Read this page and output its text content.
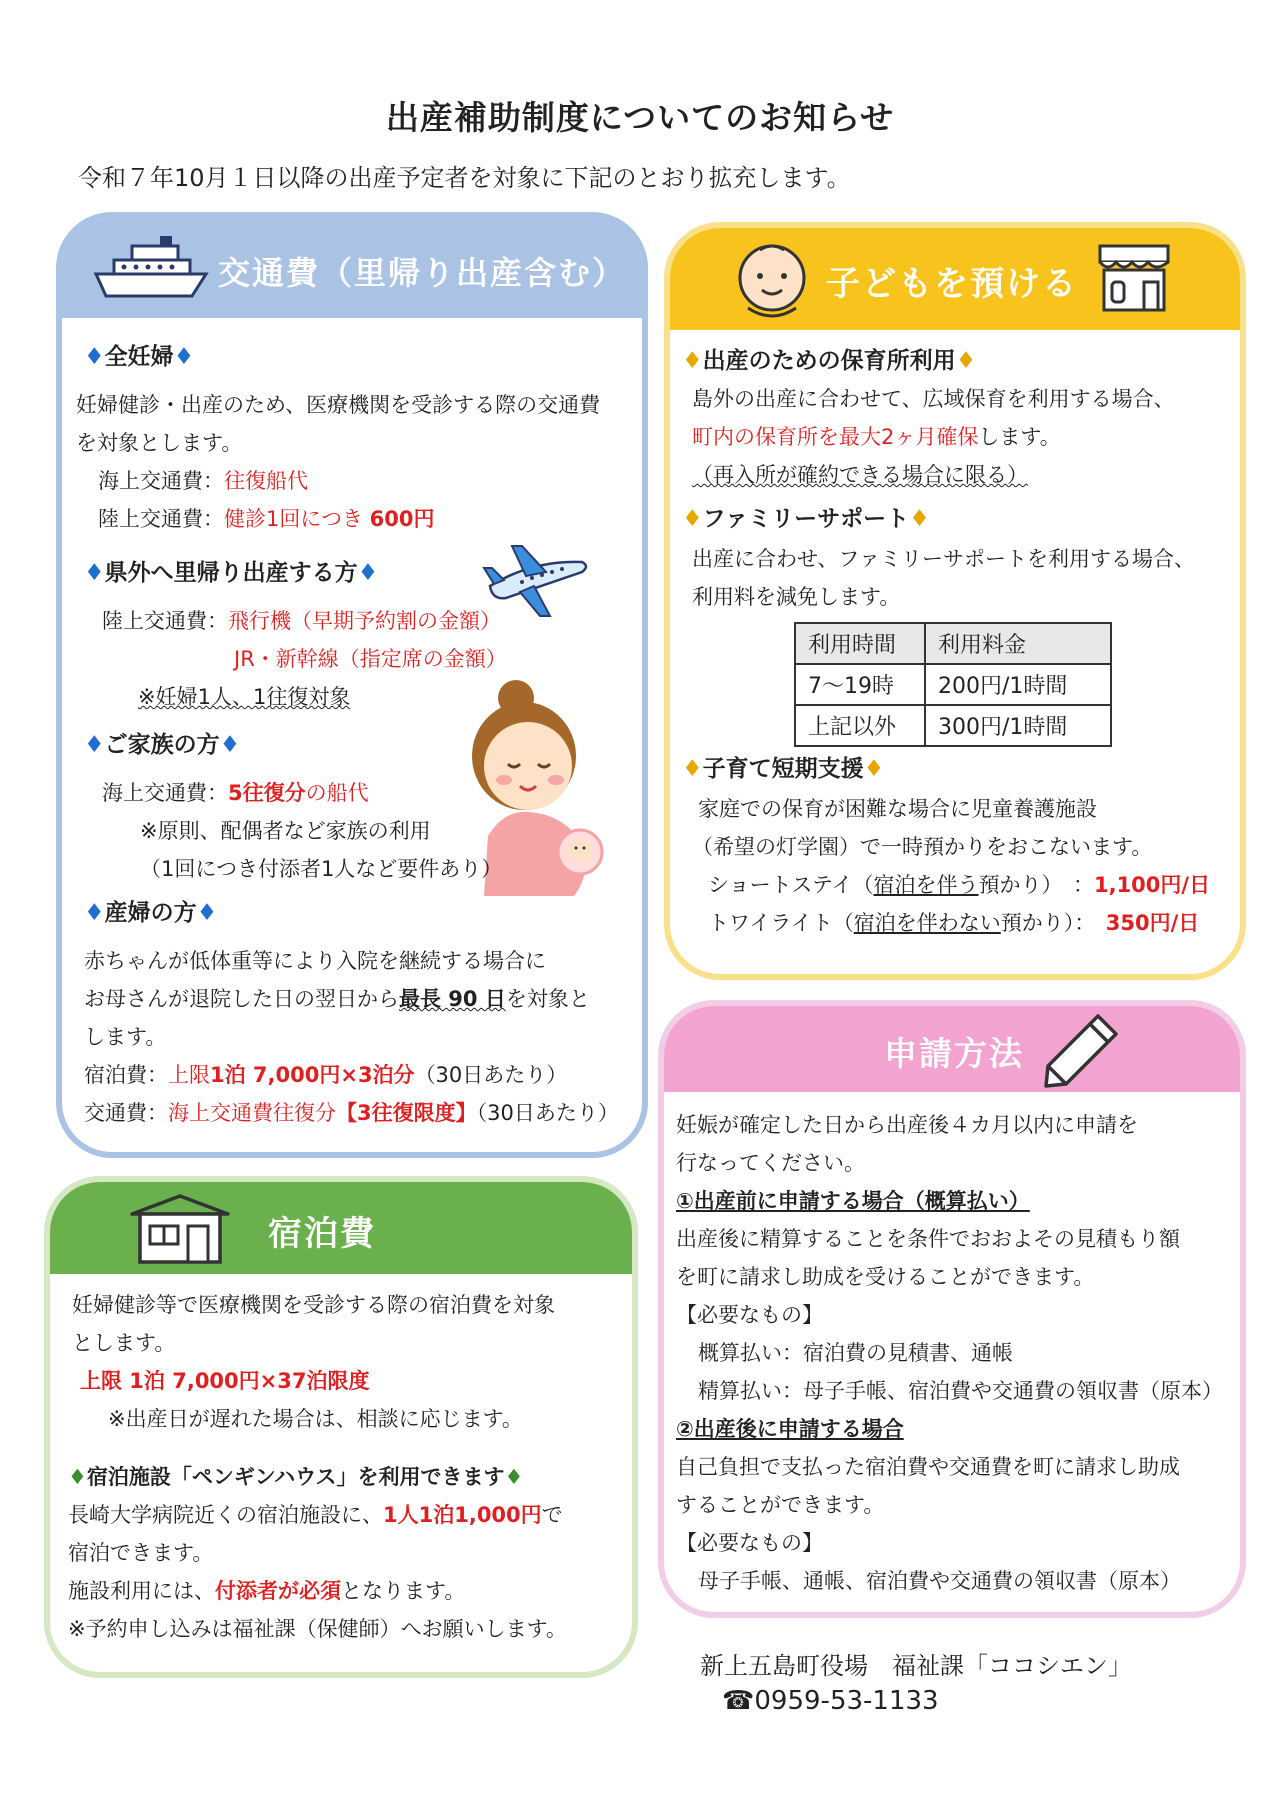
出産補助制度についてのお知らせ
令和７年10月１日以降の出産予定者を対象に下記のとおり拡充します。
交通費（里帰り出産含む）
♦全妊婦♦
妊婦健診・出産のため、医療機関を受診する際の交通費
を対象とします。
海上交通費：往復船代
陸上交通費：健診1回につき 600円
♦県外へ里帰り出産する方♦
陸上交通費：飛行機（早期予約割の金額）
JR・新幹線（指定席の金額）
※妊婦1人、1往復対象
♦ご家族の方♦
海上交通費：5往復分の船代
※原則、配偶者など家族の利用
（1回につき付添者1人など要件あり）
♦産婦の方♦
赤ちゃんが低体重等により入院を継続する場合に
お母さんが退院した日の翌日から最長 90 日を対象と
します。
宿泊費：上限1泊 7,000円×3泊分（30日あたり）
交通費：海上交通費往復分【3往復限度】（30日あたり）
子どもを預ける
♦出産のための保育所利用♦
島外の出産に合わせて、広域保育を利用する場合、
町内の保育所を最大2ヶ月確保します。
（再入所が確約できる場合に限る）
♦ファミリーサポート♦
出産に合わせ、ファミリーサポートを利用する場合、
利用料を減免します。
利用時間	利用料金
7～19時	200円/1時間
上記以外	300円/1時間
♦子育て短期支援♦
家庭での保育が困難な場合に児童養護施設
（希望の灯学園）で一時預かりをおこないます。
ショートステイ（宿泊を伴う預かり）　：1,100円/日
トワイライト（宿泊を伴わない預かり）：　350円/日
申請方法
妊娠が確定した日から出産後４カ月以内に申請を
行なってください。
①出産前に申請する場合（概算払い）
出産後に精算することを条件でおおよその見積もり額
を町に請求し助成を受けることができます。
【必要なもの】
概算払い：宿泊費の見積書、通帳
精算払い：母子手帳、宿泊費や交通費の領収書（原本）
②出産後に申請する場合
自己負担で支払った宿泊費や交通費を町に請求し助成
することができます。
【必要なもの】
母子手帳、通帳、宿泊費や交通費の領収書（原本）
宿泊費
妊婦健診等で医療機関を受診する際の宿泊費を対象
とします。
上限 1泊 7,000円×37泊限度
※出産日が遅れた場合は、相談に応じます。
♦宿泊施設「ペンギンハウス」を利用できます♦
長崎大学病院近くの宿泊施設に、1人1泊1,000円で
宿泊できます。
施設利用には、付添者が必須となります。
※予約申し込みは福祉課（保健師）へお願いします。
新上五島町役場　福祉課「ココシエン」
☎0959-53-1133
